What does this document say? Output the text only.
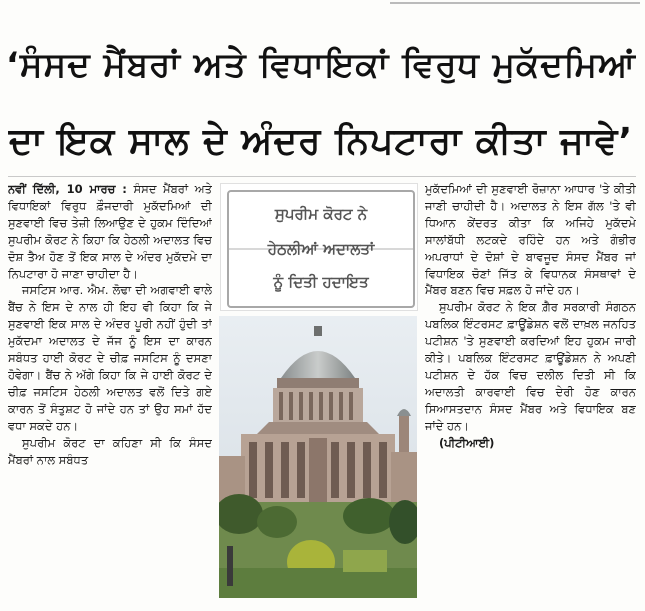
‘ਸੰਸਦ ਮੈਂਬਰਾਂ ਅਤੇ ਵਿਧਾਇਕਾਂ ਵਿਰੁਧ ਮੁਕੱਦਮਿਆਂ
ਦਾ ਇਕ ਸਾਲ ਦੇ ਅੰਦਰ ਨਿਪਟਾਰਾ ਕੀਤਾ ਜਾਵੇ’

ਨਵੀਂ ਦਿੱਲੀ, 10 ਮਾਰਚ : ਸੰਸਦ ਮੈਂਬਰਾਂ ਅਤੇ ਵਿਧਾਇਕਾਂ ਵਿਰੁਧ ਫ਼ੌਜਦਾਰੀ ਮੁਕੱਦਮਿਆਂ ਦੀ ਸੁਣਵਾਈ ਵਿਚ ਤੇਜ਼ੀ ਲਿਆਉਣ ਦੇ ਹੁਕਮ ਦਿੰਦਿਆਂ ਸੁਪਰੀਮ ਕੋਰਟ ਨੇ ਕਿਹਾ ਕਿ ਹੇਠਲੀ ਅਦਾਲਤ ਵਿਚ ਦੋਸ਼ ਤੈਅ ਹੋਣ ਤੋਂ ਇਕ ਸਾਲ ਦੇ ਅੰਦਰ ਮੁਕੱਦਮੇ ਦਾ ਨਿਪਟਾਰਾ ਹੋ ਜਾਣਾ ਚਾਹੀਦਾ ਹੈ।

ਜਸਟਿਸ ਆਰ. ਐਮ. ਲੋਢਾ ਦੀ ਅਗਵਾਈ ਵਾਲੇ ਬੈਂਚ ਨੇ ਇਸ ਦੇ ਨਾਲ ਹੀ ਇਹ ਵੀ ਕਿਹਾ ਕਿ ਜੇ ਸੁਣਵਾਈ ਇਕ ਸਾਲ ਦੇ ਅੰਦਰ ਪੂਰੀ ਨਹੀਂ ਹੁੰਦੀ ਤਾਂ ਮੁਕੱਦਮਾ ਅਦਾਲਤ ਦੇ ਜੱਜ ਨੂੰ ਇਸ ਦਾ ਕਾਰਨ ਸਬੰਧਤ ਹਾਈ ਕੋਰਟ ਦੇ ਚੀਫ਼ ਜਸਟਿਸ ਨੂੰ ਦਸਣਾ ਹੋਵੇਗਾ। ਬੈਂਚ ਨੇ ਅੱਗੇ ਕਿਹਾ ਕਿ ਜੇ ਹਾਈ ਕੋਰਟ ਦੇ ਚੀਫ਼ ਜਸਟਿਸ ਹੇਠਲੀ ਅਦਾਲਤ ਵਲੋਂ ਦਿਤੇ ਗਏ ਕਾਰਨ ਤੋਂ ਸੰਤੁਸ਼ਟ ਹੋ ਜਾਂਦੇ ਹਨ ਤਾਂ ਉਹ ਸਮਾਂ ਹੱਦ ਵਧਾ ਸਕਦੇ ਹਨ।

ਸੁਪਰੀਮ ਕੋਰਟ ਦਾ ਕਹਿਣਾ ਸੀ ਕਿ ਸੰਸਦ ਮੈਂਬਰਾਂ ਨਾਲ ਸਬੰਧਤ

ਸੁਪਰੀਮ ਕੋਰਟ ਨੇ
ਹੇਠਲੀਆਂ ਅਦਾਲਤਾਂ
ਨੂੰ ਦਿਤੀ ਹਦਾਇਤ

ਮੁਕੱਦਮਿਆਂ ਦੀ ਸੁਣਵਾਈ ਰੋਜ਼ਾਨਾ ਆਧਾਰ 'ਤੇ ਕੀਤੀ ਜਾਣੀ ਚਾਹੀਦੀ ਹੈ। ਅਦਾਲਤ ਨੇ ਇਸ ਗੱਲ 'ਤੇ ਵੀ ਧਿਆਨ ਕੇਂਦਰਤ ਕੀਤਾ ਕਿ ਅਜਿਹੇ ਮੁਕੱਦਮੇ ਸਾਲਾਂਬੱਧੀ ਲਟਕਦੇ ਰਹਿੰਦੇ ਹਨ ਅਤੇ ਗੰਭੀਰ ਅਪਰਾਧਾਂ ਦੇ ਦੋਸ਼ਾਂ ਦੇ ਬਾਵਜੂਦ ਸੰਸਦ ਮੈਂਬਰ ਜਾਂ ਵਿਧਾਇਕ ਚੋਣਾਂ ਜਿੱਤ ਕੇ ਵਿਧਾਨਕ ਸੰਸਥਾਵਾਂ ਦੇ ਮੈਂਬਰ ਬਣਨ ਵਿਚ ਸਫ਼ਲ ਹੋ ਜਾਂਦੇ ਹਨ।

ਸੁਪਰੀਮ ਕੋਰਟ ਨੇ ਇਕ ਗ਼ੈਰ ਸਰਕਾਰੀ ਸੰਗਠਨ ਪਬਲਿਕ ਇੰਟਰਸਟ ਫ਼ਾਊਂਡੇਸ਼ਨ ਵਲੋਂ ਦਾਖ਼ਲ ਜਨਹਿਤ ਪਟੀਸ਼ਨ 'ਤੇ ਸੁਣਵਾਈ ਕਰਦਿਆਂ ਇਹ ਹੁਕਮ ਜਾਰੀ ਕੀਤੇ। ਪਬਲਿਕ ਇੰਟਰਸਟ ਫ਼ਾਊਂਡੇਸ਼ਨ ਨੇ ਅਪਣੀ ਪਟੀਸ਼ਨ ਦੇ ਹੱਕ ਵਿਚ ਦਲੀਲ ਦਿਤੀ ਸੀ ਕਿ ਅਦਾਲਤੀ ਕਾਰਵਾਈ ਵਿਚ ਦੇਰੀ ਹੋਣ ਕਾਰਨ ਸਿਆਸਤਦਾਨ ਸੰਸਦ ਮੈਂਬਰ ਅਤੇ ਵਿਧਾਇਕ ਬਣ ਜਾਂਦੇ ਹਨ।

(ਪੀਟੀਆਈ)
